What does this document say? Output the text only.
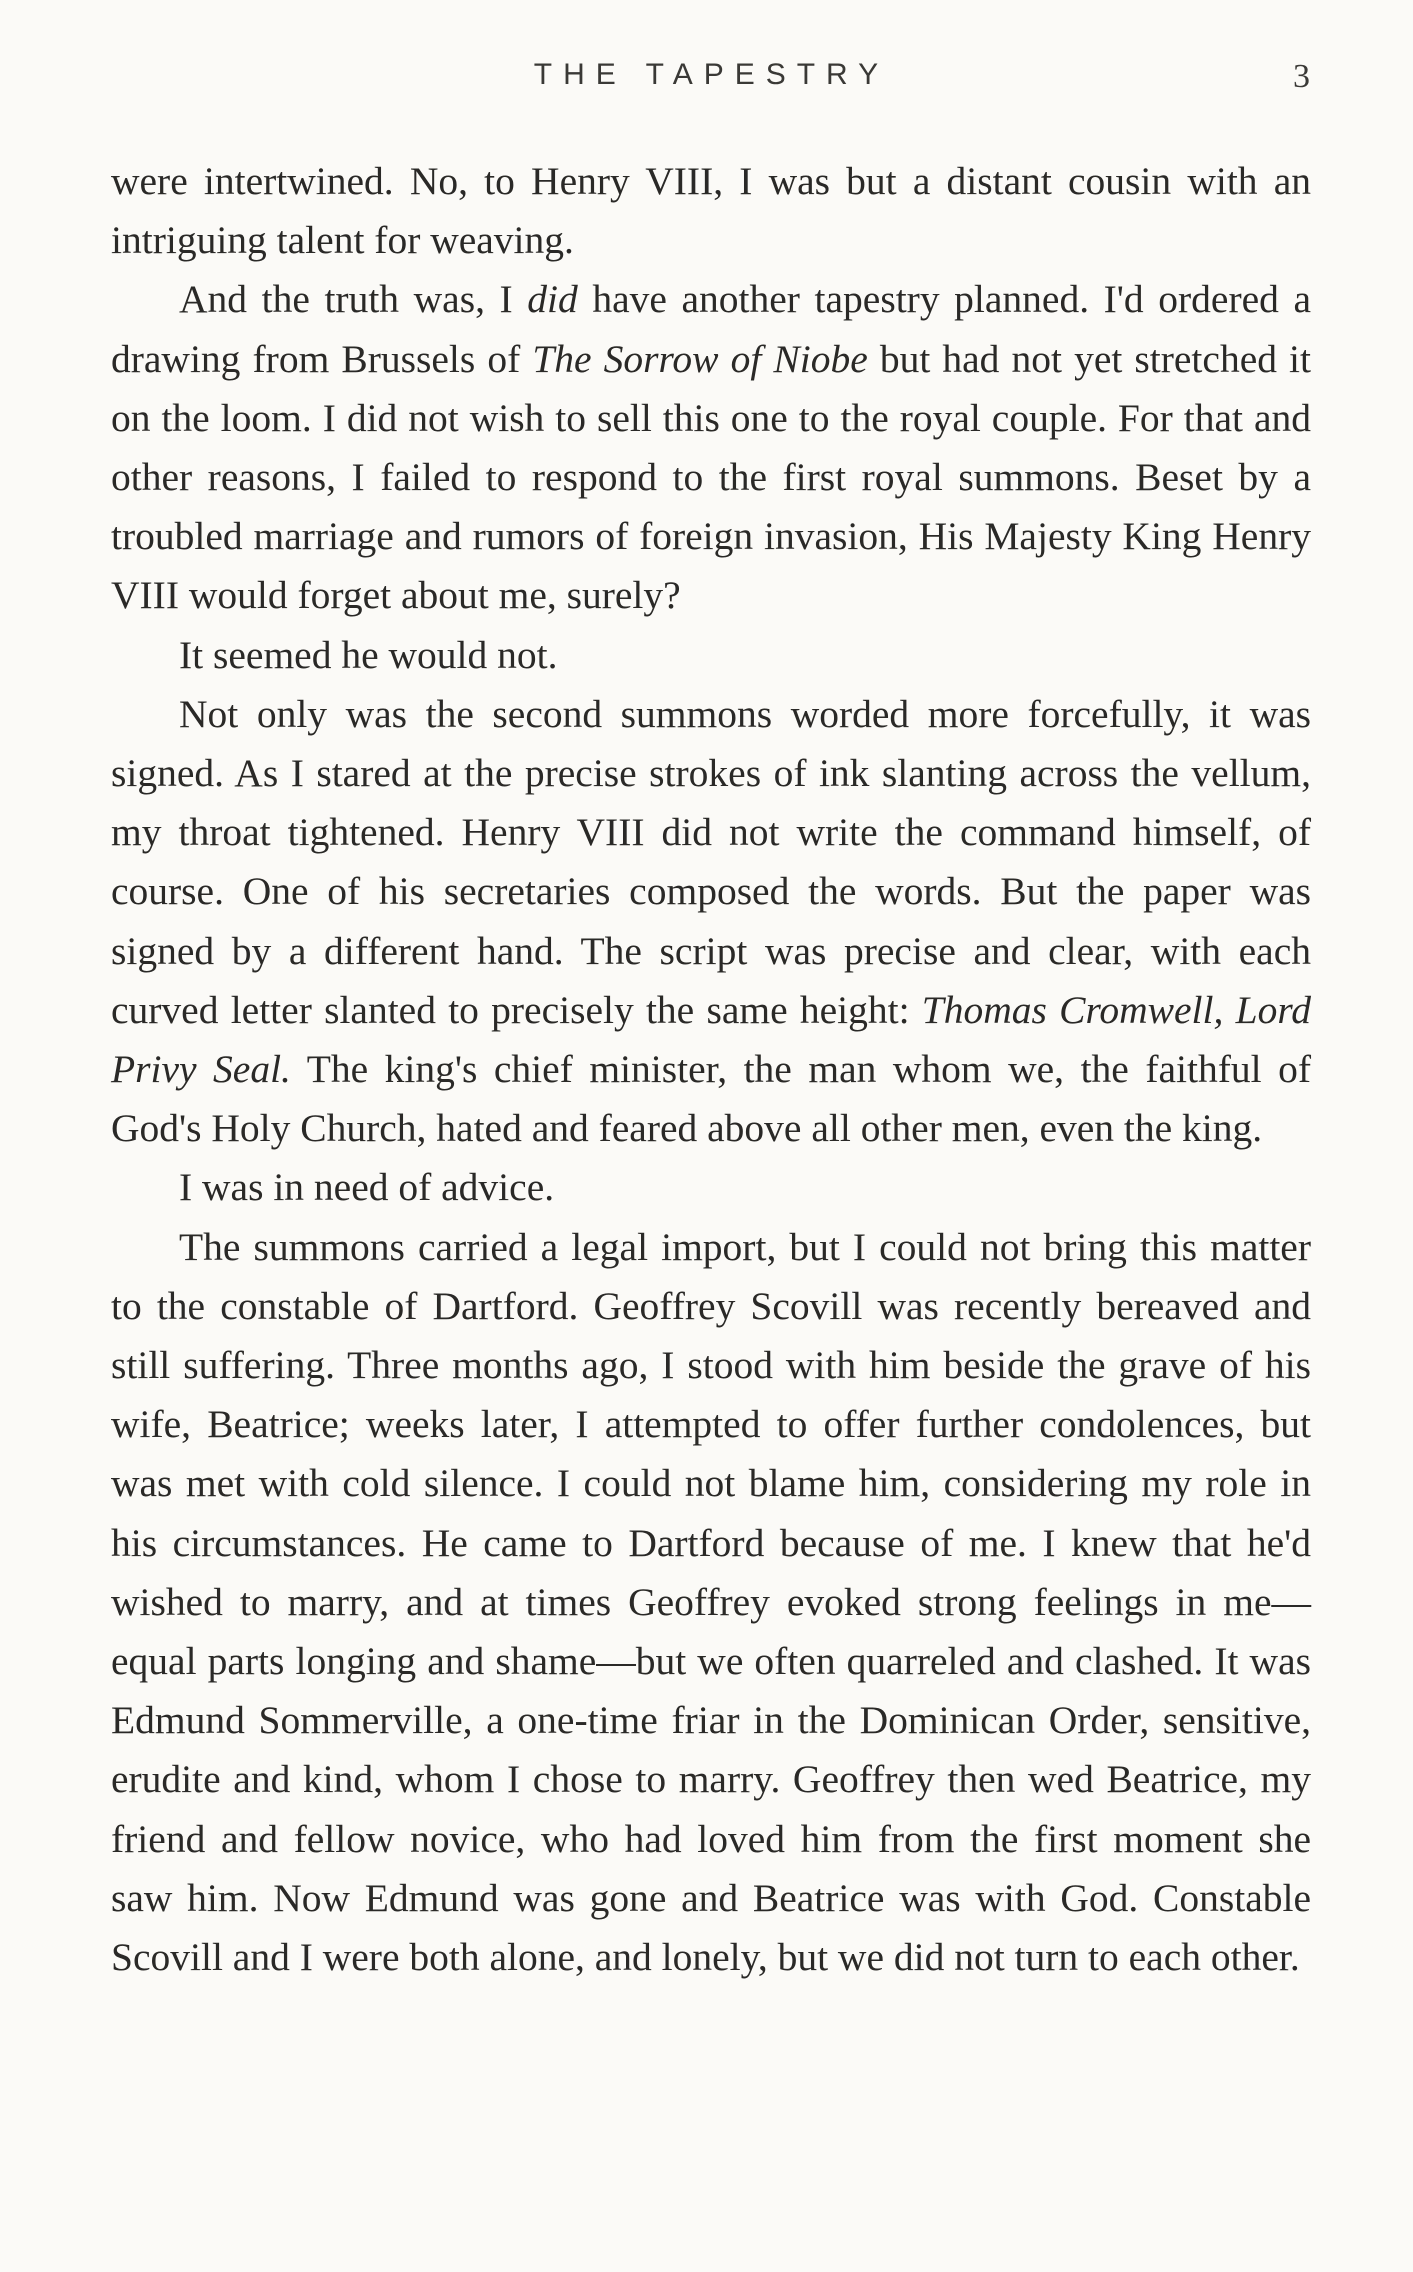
THE TAPESTRY	3

were intertwined. No, to Henry VIII, I was but a distant cousin with an intriguing talent for weaving.

And the truth was, I did have another tapestry planned. I'd ordered a drawing from Brussels of The Sorrow of Niobe but had not yet stretched it on the loom. I did not wish to sell this one to the royal couple. For that and other reasons, I failed to respond to the first royal summons. Beset by a troubled marriage and rumors of foreign invasion, His Majesty King Henry VIII would forget about me, surely?

It seemed he would not.

Not only was the second summons worded more forcefully, it was signed. As I stared at the precise strokes of ink slanting across the vellum, my throat tightened. Henry VIII did not write the command himself, of course. One of his secretaries composed the words. But the paper was signed by a different hand. The script was precise and clear, with each curved letter slanted to precisely the same height: Thomas Cromwell, Lord Privy Seal. The king's chief minister, the man whom we, the faithful of God's Holy Church, hated and feared above all other men, even the king.

I was in need of advice.

The summons carried a legal import, but I could not bring this matter to the constable of Dartford. Geoffrey Scovill was recently bereaved and still suffering. Three months ago, I stood with him beside the grave of his wife, Beatrice; weeks later, I attempted to offer further condolences, but was met with cold silence. I could not blame him, considering my role in his circumstances. He came to Dartford because of me. I knew that he'd wished to marry, and at times Geoffrey evoked strong feelings in me—equal parts longing and shame—but we often quarreled and clashed. It was Edmund Sommerville, a one-time friar in the Dominican Order, sensitive, erudite and kind, whom I chose to marry. Geoffrey then wed Beatrice, my friend and fellow novice, who had loved him from the first moment she saw him. Now Edmund was gone and Beatrice was with God. Constable Scovill and I were both alone, and lonely, but we did not turn to each other.
